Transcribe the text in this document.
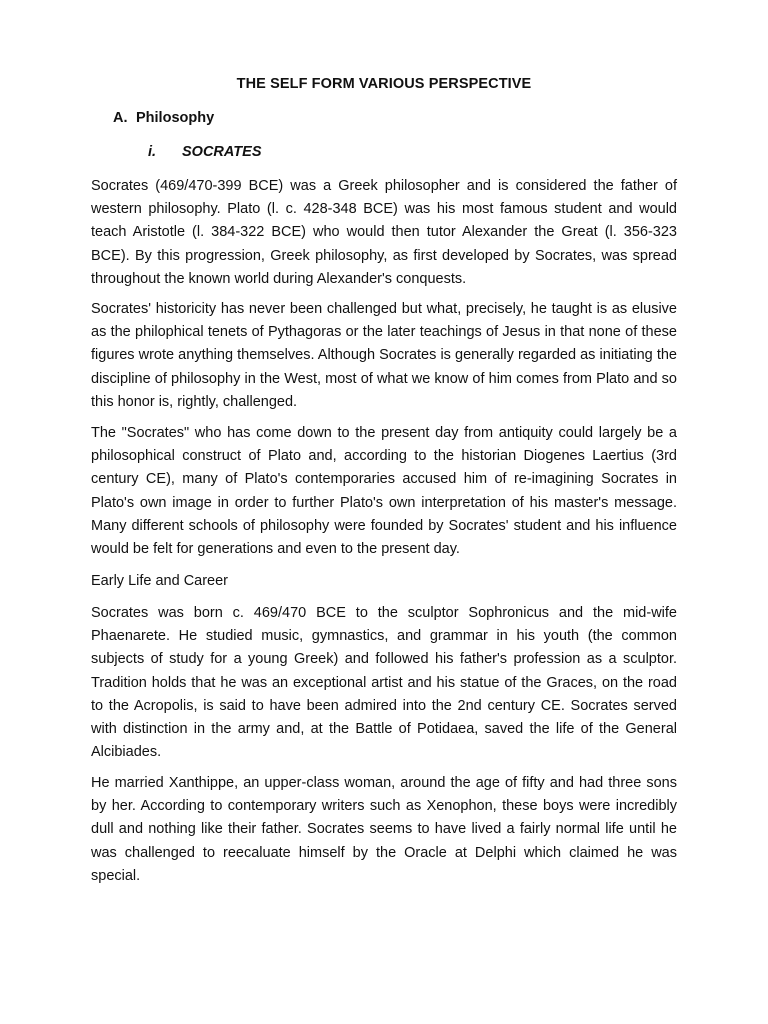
THE SELF FORM VARIOUS PERSPECTIVE
A. Philosophy
i. SOCRATES

Socrates (469/470-399 BCE) was a Greek philosopher and is considered the father of western philosophy. Plato (l. c. 428-348 BCE) was his most famous student and would teach Aristotle (l. 384-322 BCE) who would then tutor Alexander the Great (l. 356-323 BCE). By this progression, Greek philosophy, as first developed by Socrates, was spread throughout the known world during Alexander's conquests.

Socrates' historicity has never been challenged but what, precisely, he taught is as elusive as the philophical tenets of Pythagoras or the later teachings of Jesus in that none of these figures wrote anything themselves. Although Socrates is generally regarded as initiating the discipline of philosophy in the West, most of what we know of him comes from Plato and so this honor is, rightly, challenged.

The "Socrates" who has come down to the present day from antiquity could largely be a philosophical construct of Plato and, according to the historian Diogenes Laertius (3rd century CE), many of Plato's contemporaries accused him of re-imagining Socrates in Plato's own image in order to further Plato's own interpretation of his master's message. Many different schools of philosophy were founded by Socrates' student and his influence would be felt for generations and even to the present day.

Early Life and Career

Socrates was born c. 469/470 BCE to the sculptor Sophronicus and the mid-wife Phaenarete. He studied music, gymnastics, and grammar in his youth (the common subjects of study for a young Greek) and followed his father's profession as a sculptor. Tradition holds that he was an exceptional artist and his statue of the Graces, on the road to the Acropolis, is said to have been admired into the 2nd century CE. Socrates served with distinction in the army and, at the Battle of Potidaea, saved the life of the General Alcibiades.

He married Xanthippe, an upper-class woman, around the age of fifty and had three sons by her. According to contemporary writers such as Xenophon, these boys were incredibly dull and nothing like their father. Socrates seems to have lived a fairly normal life until he was challenged to reecaluate himself by the Oracle at Delphi which claimed he was special.
